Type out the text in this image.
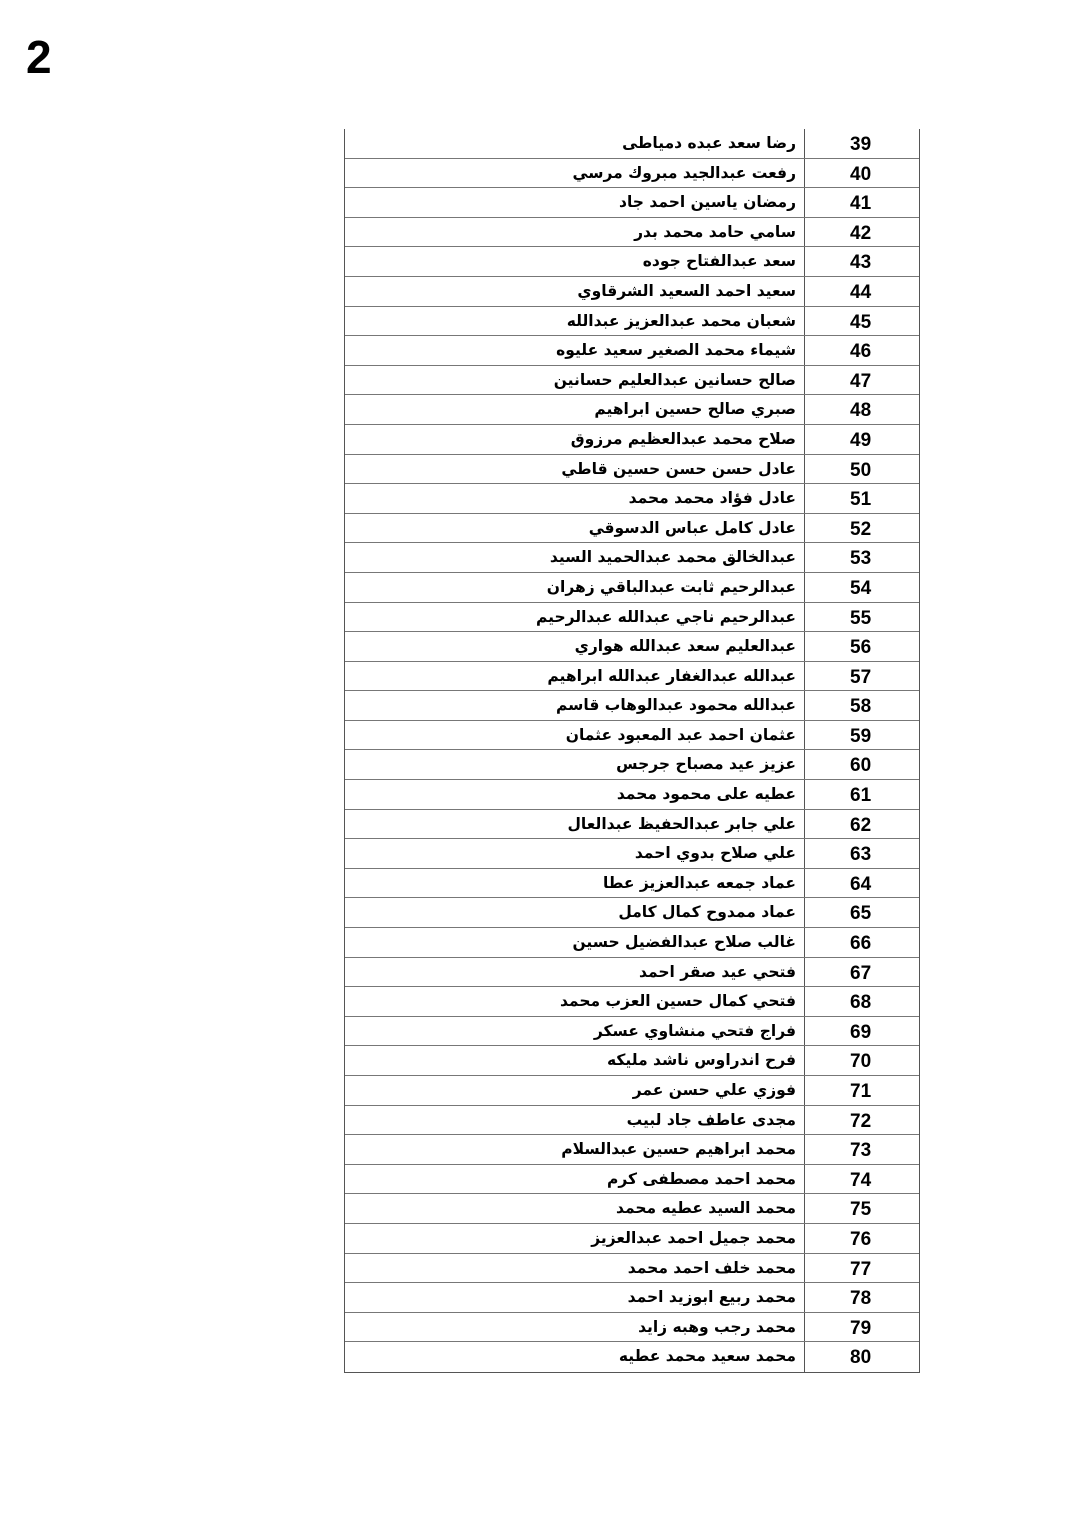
2
رضا سعد عبده دمياطى	39
رفعت عبدالجيد مبروك مرسي	40
رمضان ياسين احمد جاد	41
سامي حامد محمد بدر	42
سعد عبدالفتاح جوده	43
سعيد احمد السعيد الشرقاوي	44
شعبان محمد عبدالعزيز عبدالله	45
شيماء محمد الصغير سعيد عليوه	46
صالح حسانين عبدالعليم حسانين	47
صبري صالح حسين ابراهيم	48
صلاح محمد عبدالعظيم مرزوق	49
عادل حسن حسن حسين قاطي	50
عادل فؤاد محمد محمد	51
عادل كامل عباس الدسوقي	52
عبدالخالق محمد عبدالحميد السيد	53
عبدالرحيم ثابت عبدالباقي زهران	54
عبدالرحيم ناجي عبدالله عبدالرحيم	55
عبدالعليم سعد عبدالله هواري	56
عبدالله عبدالغفار عبدالله ابراهيم	57
عبدالله محمود عبدالوهاب قاسم	58
عثمان احمد عبد المعبود عثمان	59
عزيز عيد مصباح جرجس	60
عطيه على محمود محمد	61
علي جابر عبدالحفيظ عبدالعال	62
علي صلاح بدوي احمد	63
عماد جمعه عبدالعزيز عطا	64
عماد ممدوح كمال كامل	65
غالب صلاح عبدالفضيل حسين	66
فتحي عيد صقر احمد	67
فتحي كمال حسين العزب محمد	68
فراج فتحي منشاوي عسكر	69
فرح اندراوس ناشد مليكه	70
فوزي علي حسن عمر	71
مجدى عاطف جاد لبيب	72
محمد ابراهيم حسين عبدالسلام	73
محمد احمد مصطفى كرم	74
محمد السيد عطيه محمد	75
محمد جميل احمد عبدالعزيز	76
محمد خلف احمد محمد	77
محمد ربيع ابوزيد احمد	78
محمد رجب وهبه زايد	79
محمد سعيد محمد عطيه	80
